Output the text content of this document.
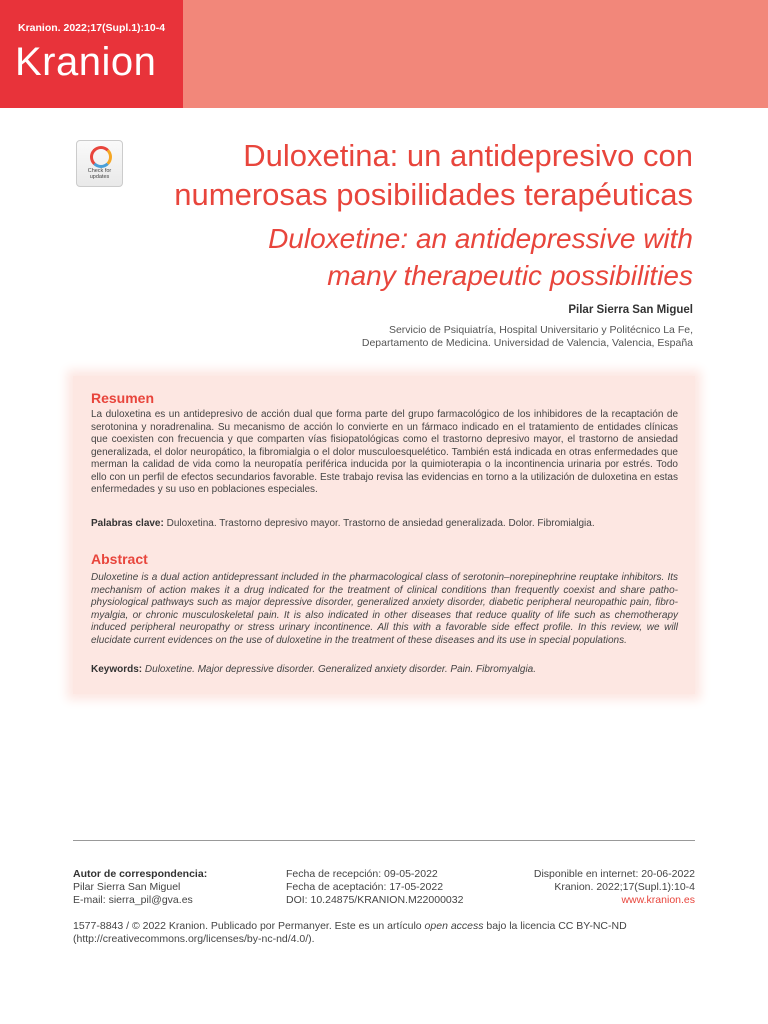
Kranion. 2022;17(Supl.1):10-4
Kranion
Check for
updates
Duloxetina: un antidepresivo con
numerosas posibilidades terapéuticas
Duloxetine: an antidepressive with
many therapeutic possibilities
Pilar Sierra San Miguel
Servicio de Psiquiatría, Hospital Universitario y Politécnico La Fe,
Departamento de Medicina. Universidad de Valencia, Valencia, España
Resumen
La duloxetina es un antidepresivo de acción dual que forma parte del grupo farmacológico de los inhibidores de la recaptación de serotonina y noradrenalina. Su mecanismo de acción lo convierte en un fármaco indicado en el tratamiento de entidades clínicas que coexisten con frecuencia y que comparten vías fisiopatológicas como el trastorno depresivo mayor, el trastorno de ansiedad generalizada, el dolor neuropático, la fibromialgia o el dolor musculoesquelético. También está indicada en otras enfermedades que merman la calidad de vida como la neuropatía periférica inducida por la quimioterapia o la incontinencia urinaria por estrés. Todo ello con un perfil de efectos secundarios favorable. Este trabajo revisa las evidencias en torno a la utilización de duloxetina en estas enfermedades y su uso en poblaciones especiales.
Palabras clave: Duloxetina. Trastorno depresivo mayor. Trastorno de ansiedad generalizada. Dolor. Fibromialgia.
Abstract
Duloxetine is a dual action antidepressant included in the pharmacological class of serotonin–norepinephrine reuptake inhibitors. Its mechanism of action makes it a drug indicated for the treatment of clinical conditions than frequently coexist and share pathophysiological pathways such as major depressive disorder, generalized anxiety disorder, diabetic peripheral neuropathic pain, fibromyalgia, or chronic musculoskeletal pain. It is also indicated in other diseases that reduce quality of life such as chemotherapy induced peripheral neuropathy or stress urinary incontinence. All this with a favorable side effect profile. In this review, we will elucidate current evidences on the use of duloxetine in the treatment of these diseases and its use in special populations.
Keywords: Duloxetine. Major depressive disorder. Generalized anxiety disorder. Pain. Fibromyalgia.
Autor de correspondencia:
Pilar Sierra San Miguel
E-mail: sierra_pil@gva.es
Fecha de recepción: 09-05-2022
Fecha de aceptación: 17-05-2022
DOI: 10.24875/KRANION.M22000032
Disponible en internet: 20-06-2022
Kranion. 2022;17(Supl.1):10-4
www.kranion.es
1577-8843 / © 2022 Kranion. Publicado por Permanyer. Este es un artículo open access bajo la licencia CC BY-NC-ND
(http://creativecommons.org/licenses/by-nc-nd/4.0/).
